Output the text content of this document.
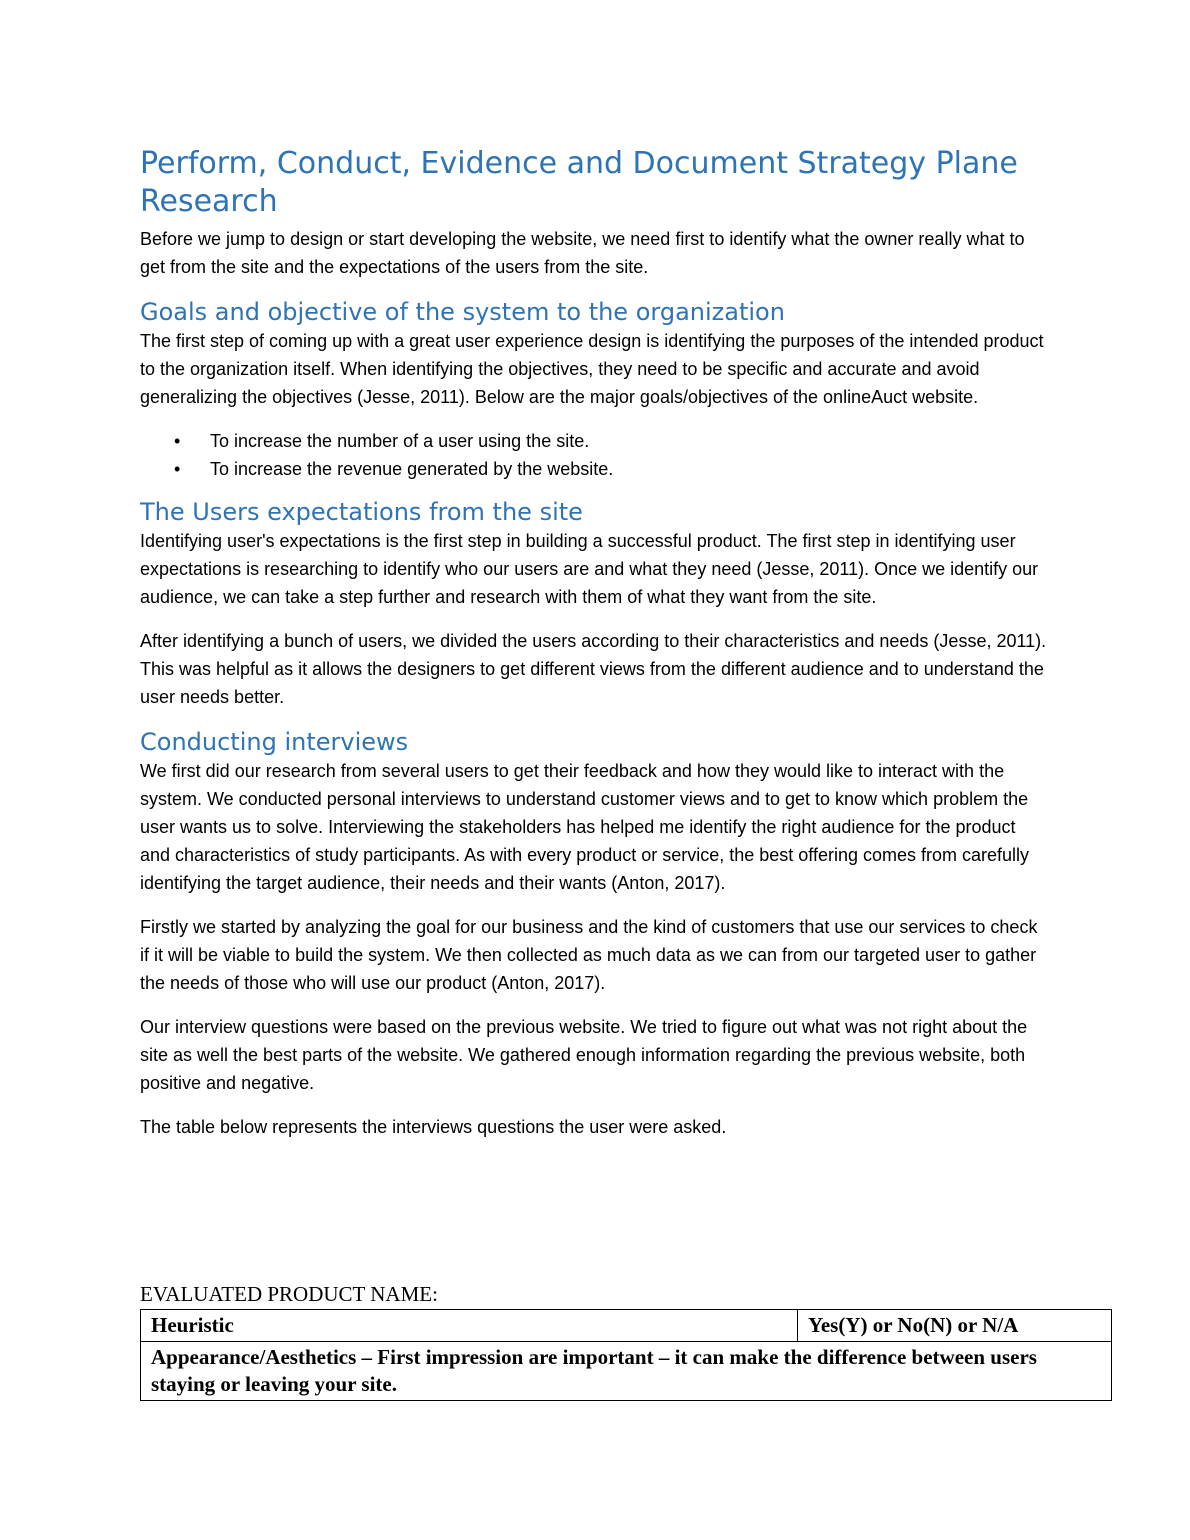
Perform, Conduct, Evidence and Document Strategy Plane Research

Before we jump to design or start developing the website, we need first to identify what the owner really what to get from the site and the expectations of the users from the site.

Goals and objective of the system to the organization

The first step of coming up with a great user experience design is identifying the purposes of the intended product to the organization itself. When identifying the objectives, they need to be specific and accurate and avoid generalizing the objectives (Jesse, 2011). Below are the major goals/objectives of the onlineAuct website.

• To increase the number of a user using the site.
• To increase the revenue generated by the website.
The Users expectations from the site

Identifying user's expectations is the first step in building a successful product. The first step in identifying user expectations is researching to identify who our users are and what they need (Jesse, 2011). Once we identify our audience, we can take a step further and research with them of what they want from the site.

After identifying a bunch of users, we divided the users according to their characteristics and needs (Jesse, 2011). This was helpful as it allows the designers to get different views from the different audience and to understand the user needs better.

Conducting interviews

We first did our research from several users to get their feedback and how they would like to interact with the system. We conducted personal interviews to understand customer views and to get to know which problem the user wants us to solve. Interviewing the stakeholders has helped me identify the right audience for the product and characteristics of study participants. As with every product or service, the best offering comes from carefully identifying the target audience, their needs and their wants (Anton, 2017).

Firstly we started by analyzing the goal for our business and the kind of customers that use our services to check if it will be viable to build the system. We then collected as much data as we can from our targeted user to gather the needs of those who will use our product (Anton, 2017).

Our interview questions were based on the previous website. We tried to figure out what was not right about the site as well the best parts of the website. We gathered enough information regarding the previous website, both positive and negative.

The table below represents the interviews questions the user were asked.

EVALUATED PRODUCT NAME:
Heuristic	Yes(Y) or No(N) or N/A
Appearance/Aesthetics – First impression are important – it can make the difference between users staying or leaving your site.
